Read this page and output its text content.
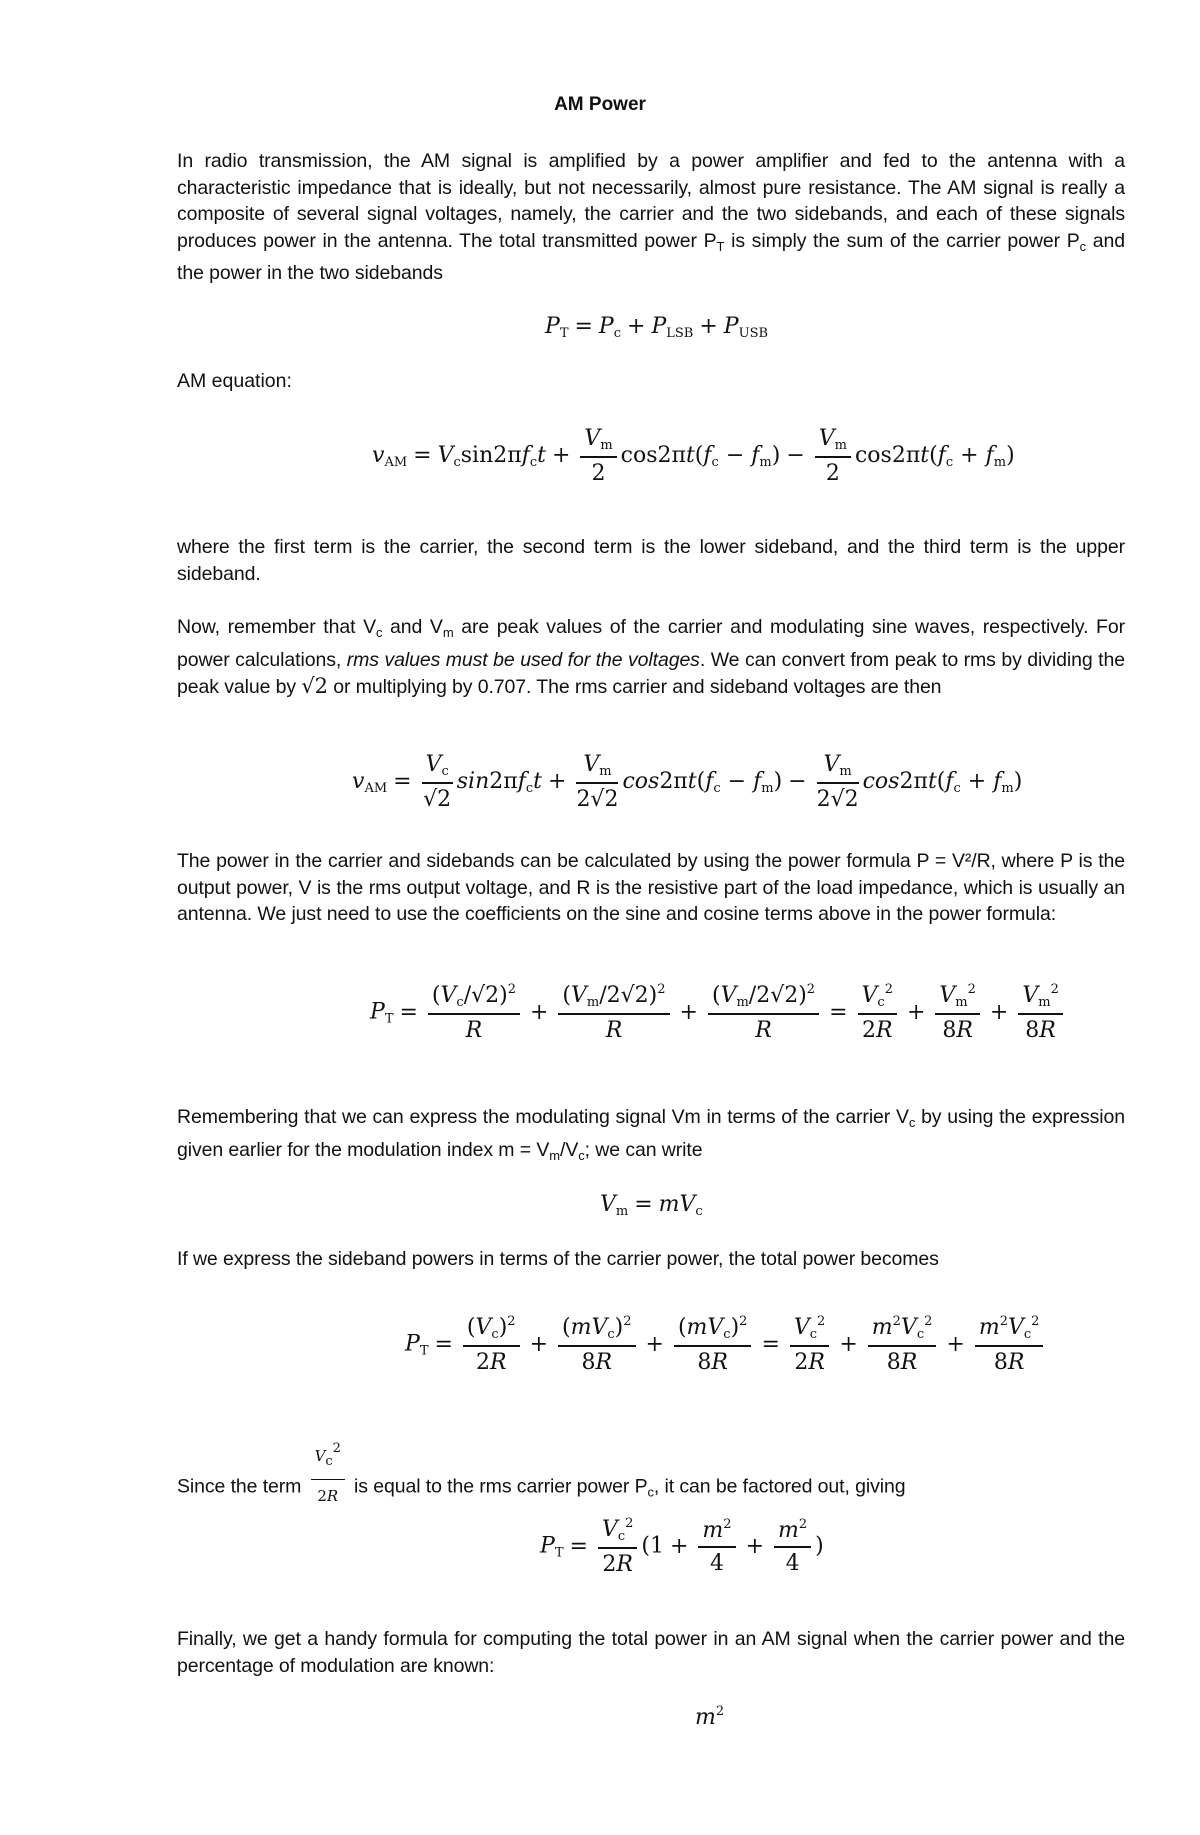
AM Power
In radio transmission, the AM signal is amplified by a power amplifier and fed to the antenna with a characteristic impedance that is ideally, but not necessarily, almost pure resistance. The AM signal is really a composite of several signal voltages, namely, the carrier and the two sidebands, and each of these signals produces power in the antenna. The total transmitted power $P_T$ is simply the sum of the carrier power $P_c$ and the power in the two sidebands
$P_T = P_c + P_{LSB} + P_{USB}$
AM equation:
$v_{AM} = V_c\sin 2\pi f_ct + \frac{V_m}{2} \cos 2\pi t(f_c - f_m) - \frac{V_m}{2} \cos 2\pi t(f_c + f_m)$
where the first term is the carrier, the second term is the lower sideband, and the third term is the upper sideband.
Now, remember that $V_c$ and $V_m$ are peak values of the carrier and modulating sine waves, respectively. For power calculations, rms values must be used for the voltages. We can convert from peak to rms by dividing the peak value by √2 or multiplying by 0.707. The rms carrier and sideband voltages are then
$v_{AM} = \frac{V_c}{√2} \sin 2\pi f_ct + \frac{V_m}{2√2} \cos 2\pi t(f_c - f_m) - \frac{V_m}{2√2} \cos 2\pi t(f_c + f_m)$
The power in the carrier and sidebands can be calculated by using the power formula P = V²/R, where P is the output power, V is the rms output voltage, and R is the resistive part of the load impedance, which is usually an antenna. We just need to use the coefficients on the sine and cosine terms above in the power formula:
$P_T = \frac{(V_c/√2)^2}{R} + \frac{(V_m/2√2)^2}{R} + \frac{(V_m/2√2)^2}{R} = \frac{V_c^2}{2R} + \frac{V_m^2}{8R} + \frac{V_m^2}{8R}$
Remembering that we can express the modulating signal Vm in terms of the carrier $V_c$ by using the expression given earlier for the modulation index $m = V_m/V_c$; we can write
$V_m = mV_c$
If we express the sideband powers in terms of the carrier power, the total power becomes
$P_T = \frac{(V_c)^2}{2R} + \frac{(mV_c)^2}{8R} + \frac{(mV_c)^2}{8R} = \frac{V_c^2}{2R} + \frac{m^2V_c^2}{8R} + \frac{m^2V_c^2}{8R}$
Since the term $\frac{Vc2}{2R}$ is equal to the rms carrier power $P_c$, it can be factored out, giving
$P_T = \frac{V_c^2}{2R} (1 + \frac{m^2}{4} + \frac{m^2}{4}$ )
Finally, we get a handy formula for computing the total power in an AM signal when the carrier power and the percentage of modulation are known:
$m^2$
